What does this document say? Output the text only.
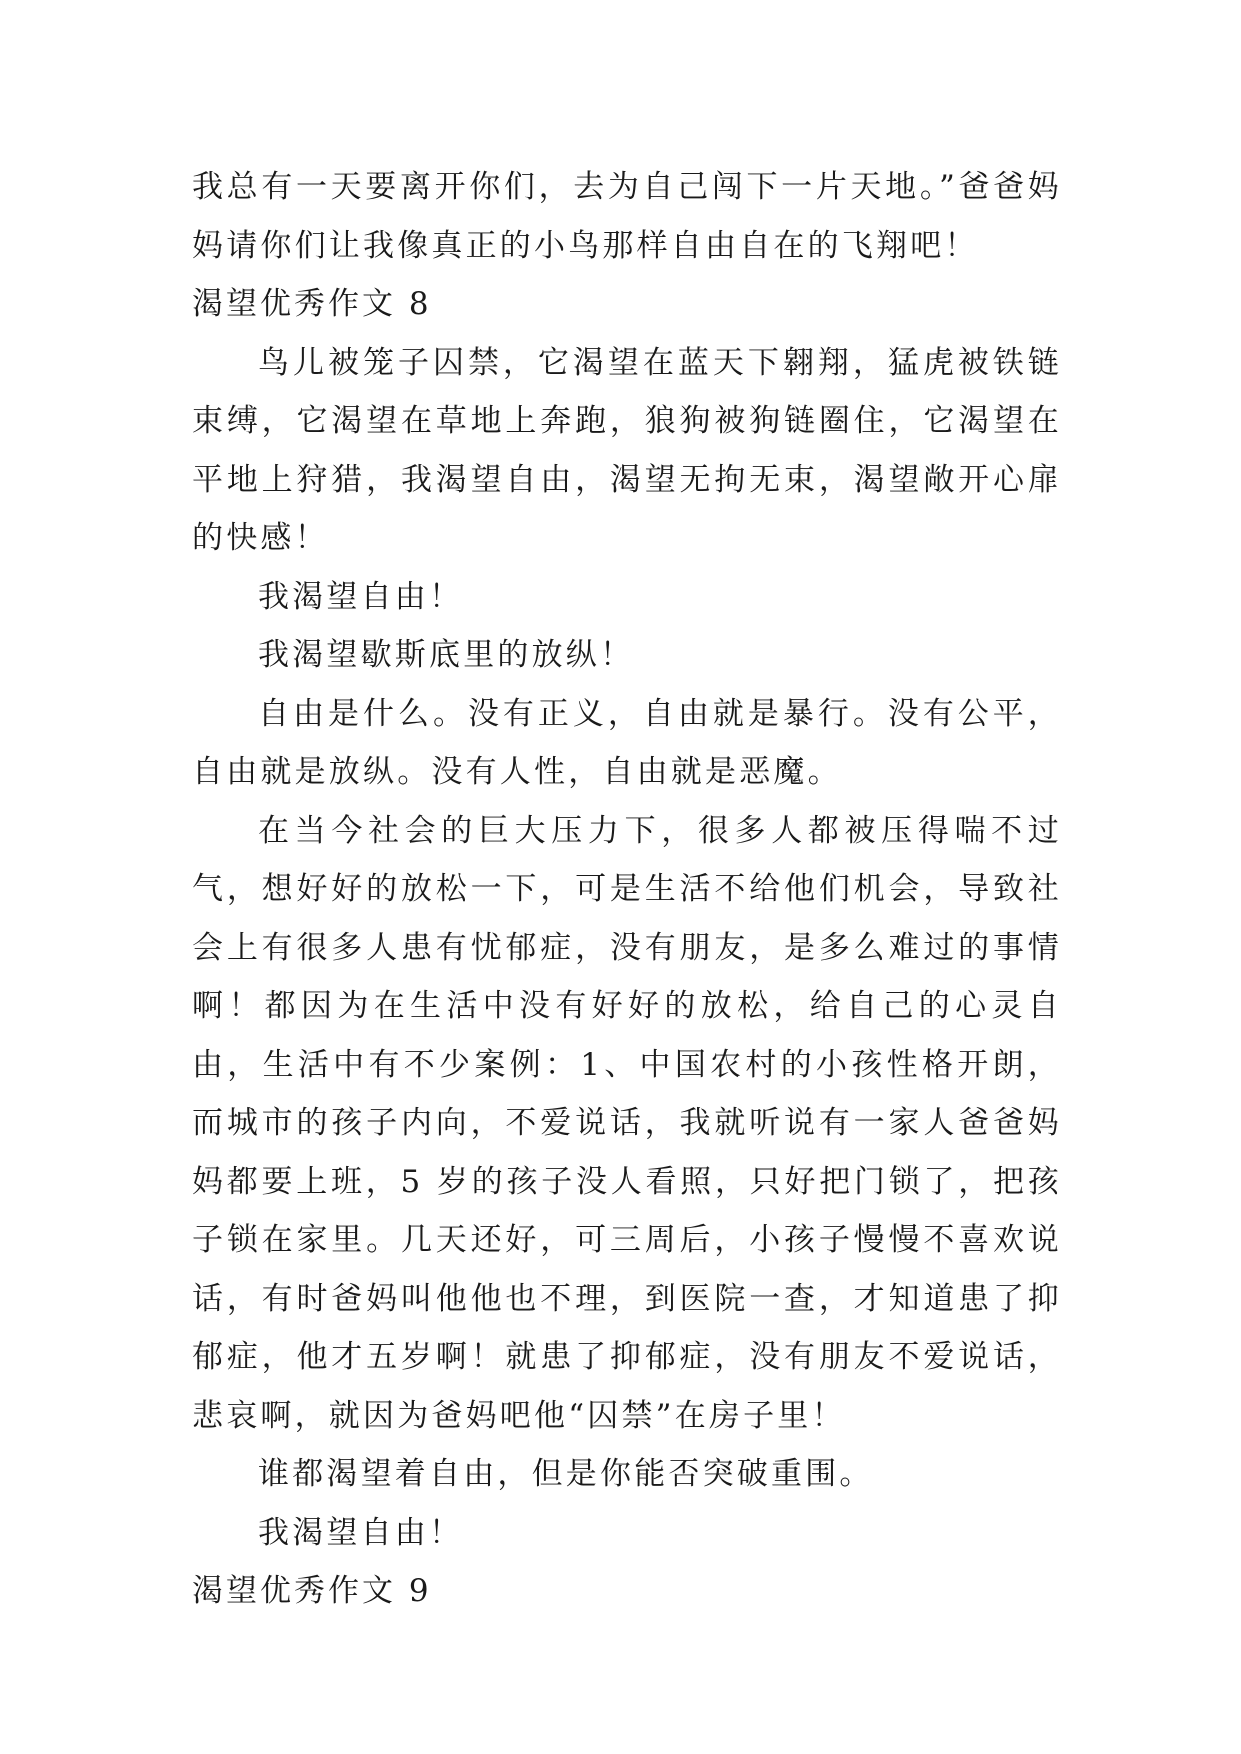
我总有一天要离开你们，去为自己闯下一片天地。”爸爸妈妈请你们让我像真正的小鸟那样自由自在的飞翔吧！

渴望优秀作文 8

鸟儿被笼子囚禁，它渴望在蓝天下翱翔，猛虎被铁链束缚，它渴望在草地上奔跑，狼狗被狗链圈住，它渴望在平地上狩猎，我渴望自由，渴望无拘无束，渴望敞开心扉的快感！

我渴望自由！

我渴望歇斯底里的放纵！

自由是什么。没有正义，自由就是暴行。没有公平，自由就是放纵。没有人性，自由就是恶魔。

在当今社会的巨大压力下，很多人都被压得喘不过气，想好好的放松一下，可是生活不给他们机会，导致社会上有很多人患有忧郁症，没有朋友，是多么难过的事情啊！都因为在生活中没有好好的放松，给自己的心灵自由，生活中有不少案例：1、中国农村的小孩性格开朗，而城市的孩子内向，不爱说话，我就听说有一家人爸爸妈妈都要上班，5 岁的孩子没人看照，只好把门锁了，把孩子锁在家里。几天还好，可三周后，小孩子慢慢不喜欢说话，有时爸妈叫他他也不理，到医院一查，才知道患了抑郁症，他才五岁啊！就患了抑郁症，没有朋友不爱说话，悲哀啊，就因为爸妈吧他“囚禁”在房子里！

谁都渴望着自由，但是你能否突破重围。

我渴望自由！

渴望优秀作文 9
